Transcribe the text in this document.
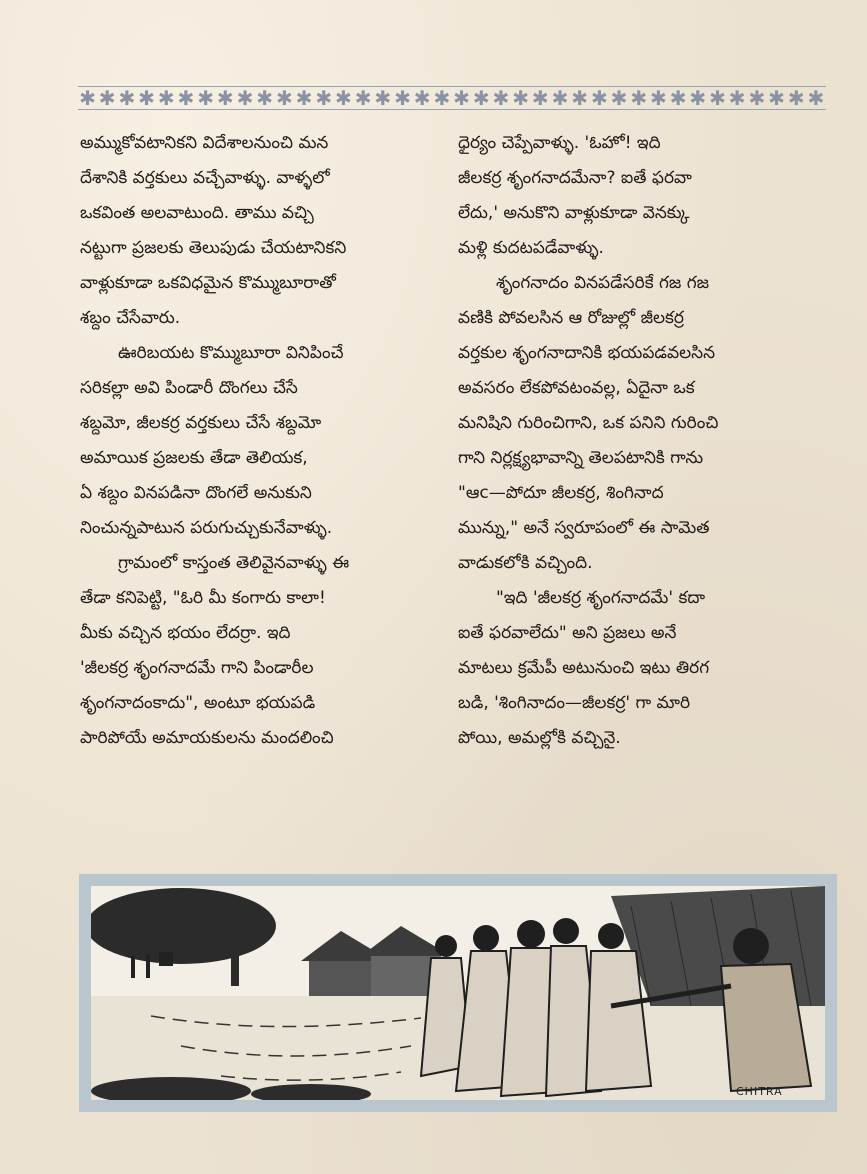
✱ ✱ ✱ ✱ ✱ ✱ ✱ ✱ ✱ ✱ ✱ ✱ ✱ ✱ ✱ ✱ ✱ ✱ ✱ ✱ ✱ ✱ ✱ ✱ ✱ ✱ ✱ ✱ ✱ ✱ ✱ ✱ ✱ ✱ ✱ ✱ ✱ ✱
అమ్ముకోవటానికని విదేశాలనుంచి మన
దేశానికి వర్తకులు వచ్చేవాళ్ళు. వాళ్ళలో
ఒకవింత అలవాటుంది. తాము వచ్చి
నట్టుగా ప్రజలకు తెలుపుడు చేయటానికని
వాళ్లుకూడా ఒకవిధమైన కొమ్ముబూరాతో
శబ్దం చేసేవారు.
ఊరిబయట కొమ్ముబూరా వినిపించే
సరికల్లా అవి పిండారీ దొంగలు చేసే
శబ్దమో, జీలకర్ర వర్తకులు చేసే శబ్దమో
అమాయిక ప్రజలకు తేడా తెలియక,
ఏ శబ్దం వినపడినా దొంగలే అనుకుని
నించున్నపాటున పరుగుచ్చుకునేవాళ్ళు.
గ్రామంలో కాస్తంత తెలివైనవాళ్ళు ఈ
తేడా కనిపెట్టి, "ఓరి మీ కంగారు కాలా!
మీకు వచ్చిన భయం లేదర్రా. ఇది
'జీలకర్ర శృంగనాదమే గాని పిండారీల
శృంగనాదంకాదు", అంటూ భయపడి
పారిపోయే అమాయకులను మందలించి
ధైర్యం చెప్పేవాళ్ళు. 'ఓహో! ఇది
జీలకర్ర శృంగనాదమేనా? ఐతే ఫరవా
లేదు,' అనుకొని వాళ్లుకూడా వెనక్కు
మళ్లి కుదటపడేవాళ్ళు.
శృంగనాదం వినపడేసరికే గజ గజ
వణికి పోవలసిన ఆ రోజుల్లో జీలకర్ర
వర్తకుల శృంగనాదానికి భయపడవలసిన
అవసరం లేకపోవటంవల్ల, ఏదైనా ఒక
మనిషిని గురించిగాని, ఒక పనిని గురించి
గాని నిర్లక్ష్యభావాన్ని తెలపటానికి గాను
"ఆc—పోదూ జీలకర్ర, శింగినాద
మున్ను," అనే స్వరూపంలో ఈ సామెత
వాడుకలోకి వచ్చింది.
"ఇది 'జీలకర్ర శృంగనాదమే' కదా
ఐతే ఫరవాలేదు" అని ప్రజలు అనే
మాటలు క్రమేపీ అటునుంచి ఇటు తిరగ
బడి, 'శింగినాదం—జీలకర్ర' గా మారి
పోయి, అమల్లోకి వచ్చినై.
CHITRA
